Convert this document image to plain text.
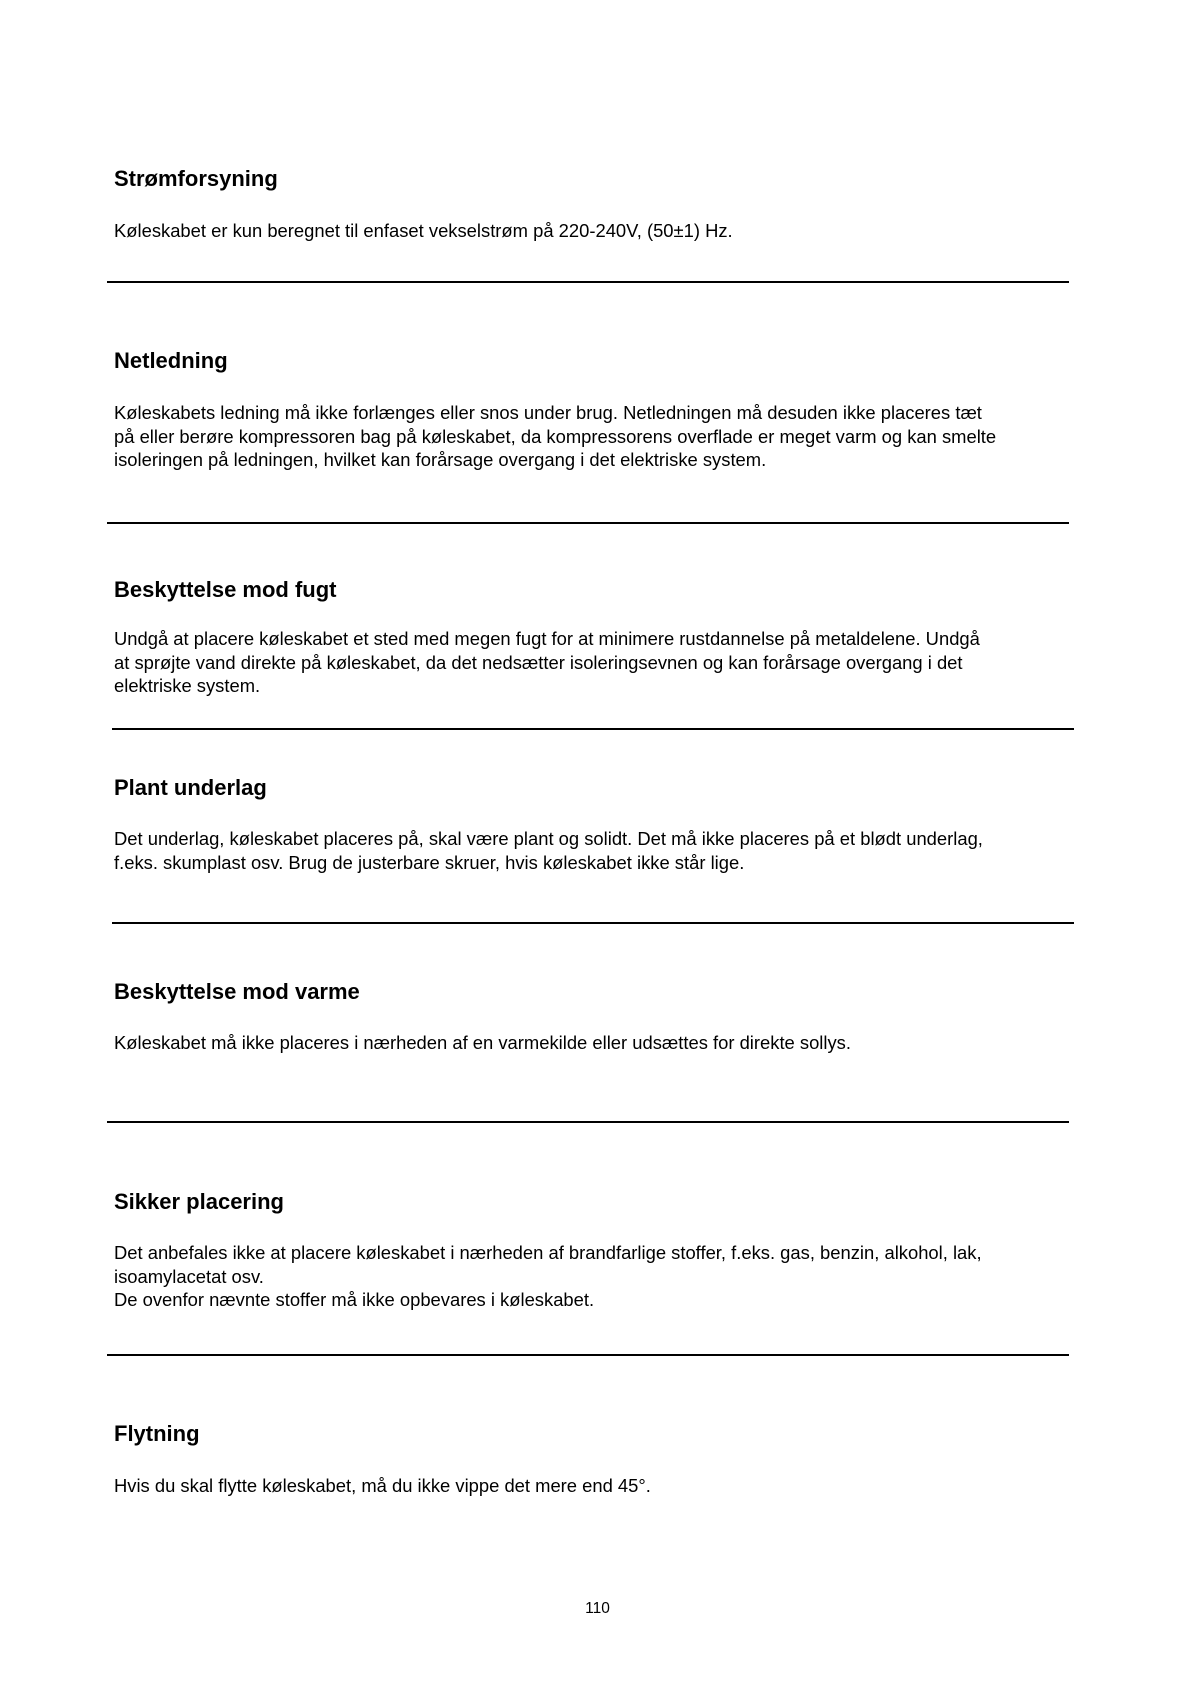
Strømforsyning

Køleskabet er kun beregnet til enfaset vekselstrøm på 220-240V, (50±1) Hz.

Netledning

Køleskabets ledning må ikke forlænges eller snos under brug. Netledningen må desuden ikke placeres tæt
på eller berøre kompressoren bag på køleskabet, da kompressorens overflade er meget varm og kan smelte
isoleringen på ledningen, hvilket kan forårsage overgang i det elektriske system.

Beskyttelse mod fugt

Undgå at placere køleskabet et sted med megen fugt for at minimere rustdannelse på metaldelene. Undgå
at sprøjte vand direkte på køleskabet, da det nedsætter isoleringsevnen og kan forårsage overgang i det
elektriske system.

Plant underlag

Det underlag, køleskabet placeres på, skal være plant og solidt. Det må ikke placeres på et blødt underlag,
f.eks. skumplast osv. Brug de justerbare skruer, hvis køleskabet ikke står lige.

Beskyttelse mod varme

Køleskabet må ikke placeres i nærheden af en varmekilde eller udsættes for direkte sollys.

Sikker placering

Det anbefales ikke at placere køleskabet i nærheden af brandfarlige stoffer, f.eks. gas, benzin, alkohol, lak,
isoamylacetat osv.
De ovenfor nævnte stoffer må ikke opbevares i køleskabet.

Flytning

Hvis du skal flytte køleskabet, må du ikke vippe det mere end 45°.

110
